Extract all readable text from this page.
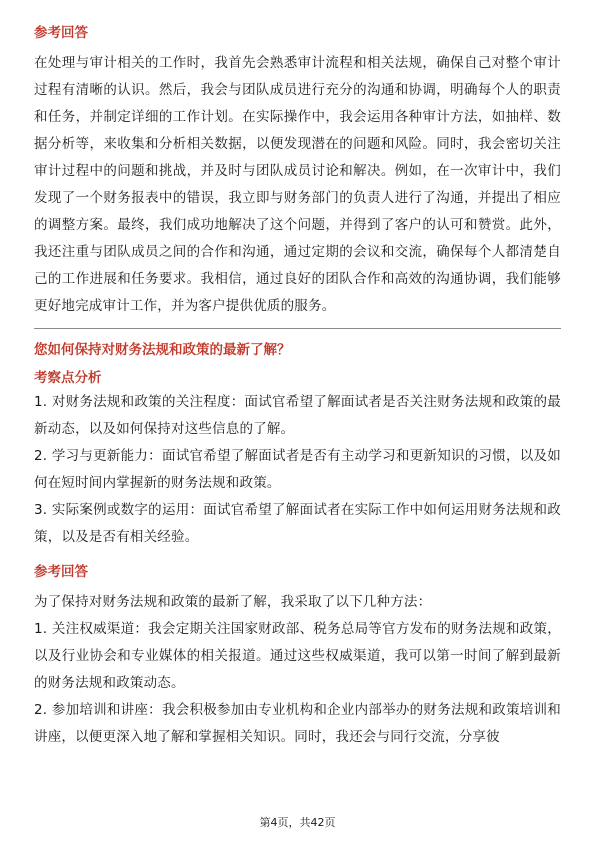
参考回答

在处理与审计相关的工作时，我首先会熟悉审计流程和相关法规，确保自己对整个审计过程有清晰的认识。然后，我会与团队成员进行充分的沟通和协调，明确每个人的职责和任务，并制定详细的工作计划。在实际操作中，我会运用各种审计方法，如抽样、数据分析等，来收集和分析相关数据，以便发现潜在的问题和风险。同时，我会密切关注审计过程中的问题和挑战，并及时与团队成员讨论和解决。例如，在一次审计中，我们发现了一个财务报表中的错误，我立即与财务部门的负责人进行了沟通，并提出了相应的调整方案。最终，我们成功地解决了这个问题，并得到了客户的认可和赞赏。此外，我还注重与团队成员之间的合作和沟通，通过定期的会议和交流，确保每个人都清楚自己的工作进展和任务要求。我相信，通过良好的团队合作和高效的沟通协调，我们能够更好地完成审计工作，并为客户提供优质的服务。

您如何保持对财务法规和政策的最新了解？

考察点分析

1. 对财务法规和政策的关注程度：面试官希望了解面试者是否关注财务法规和政策的最新动态，以及如何保持对这些信息的了解。

2. 学习与更新能力：面试官希望了解面试者是否有主动学习和更新知识的习惯，以及如何在短时间内掌握新的财务法规和政策。

3. 实际案例或数字的运用：面试官希望了解面试者在实际工作中如何运用财务法规和政策，以及是否有相关经验。

参考回答

为了保持对财务法规和政策的最新了解，我采取了以下几种方法：

1. 关注权威渠道：我会定期关注国家财政部、税务总局等官方发布的财务法规和政策，以及行业协会和专业媒体的相关报道。通过这些权威渠道，我可以第一时间了解到最新的财务法规和政策动态。

2. 参加培训和讲座：我会积极参加由专业机构和企业内部举办的财务法规和政策培训和讲座，以便更深入地了解和掌握相关知识。同时，我还会与同行交流，分享彼

第4页，共42页
